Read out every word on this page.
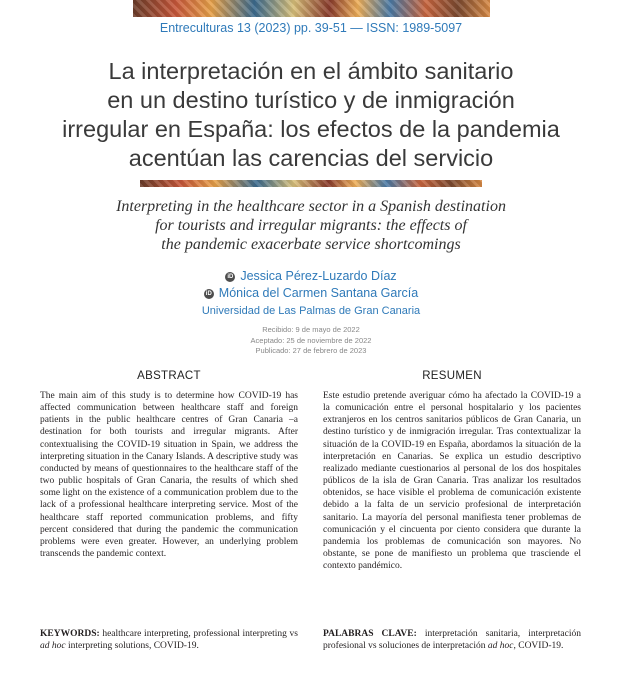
Entreculturas 13 (2023) pp. 39-51 — ISSN: 1989-5097
La interpretación en el ámbito sanitario
en un destino turístico y de inmigración
irregular en España: los efectos de la pandemia
acentúan las carencias del servicio
Interpreting in the healthcare sector in a Spanish destination
for tourists and irregular migrants: the effects of
the pandemic exacerbate service shortcomings
iD Jessica Pérez-Luzardo Díaz
iD Mónica del Carmen Santana García
Universidad de Las Palmas de Gran Canaria
Recibido: 9 de mayo de 2022
Aceptado: 25 de noviembre de 2022
Publicado: 27 de febrero de 2023
ABSTRACT

The main aim of this study is to determine how COVID-19 has affected communication between healthcare staff and foreign patients in the public healthcare centres of Gran Canaria –a destination for both tourists and irregular migrants. After contextualising the COVID-19 situation in Spain, we address the interpreting situation in the Canary Islands. A descriptive study was conducted by means of questionnaires to the healthcare staff of the two public hospitals of Gran Canaria, the results of which shed some light on the existence of a communication problem due to the lack of a professional healthcare interpreting service. Most of the healthcare staff reported communication problems, and fifty percent considered that during the pandemic the communication problems were even greater. However, an underlying problem transcends the pandemic context.

RESUMEN

Este estudio pretende averiguar cómo ha afectado la COVID-19 a la comunicación entre el personal hospitalario y los pacientes extranjeros en los centros sanitarios públicos de Gran Canaria, un destino turístico y de inmigración irregular. Tras contextualizar la situación de la COVID-19 en España, abordamos la situación de la interpretación en Canarias. Se explica un estudio descriptivo realizado mediante cuestionarios al personal de los dos hospitales públicos de la isla de Gran Canaria. Tras analizar los resultados obtenidos, se hace visible el problema de comunicación existente debido a la falta de un servicio profesional de interpretación sanitario. La mayoría del personal manifiesta tener problemas de comunicación y el cincuenta por ciento considera que durante la pandemia los problemas de comunicación son mayores. No obstante, se pone de manifiesto un problema que trasciende el contexto pandémico.

KEYWORDS: healthcare interpreting, professional interpreting vs ad hoc interpreting solutions, COVID-19.
PALABRAS CLAVE: interpretación sanitaria, interpretación profesional vs soluciones de interpretación ad hoc, COVID-19.
